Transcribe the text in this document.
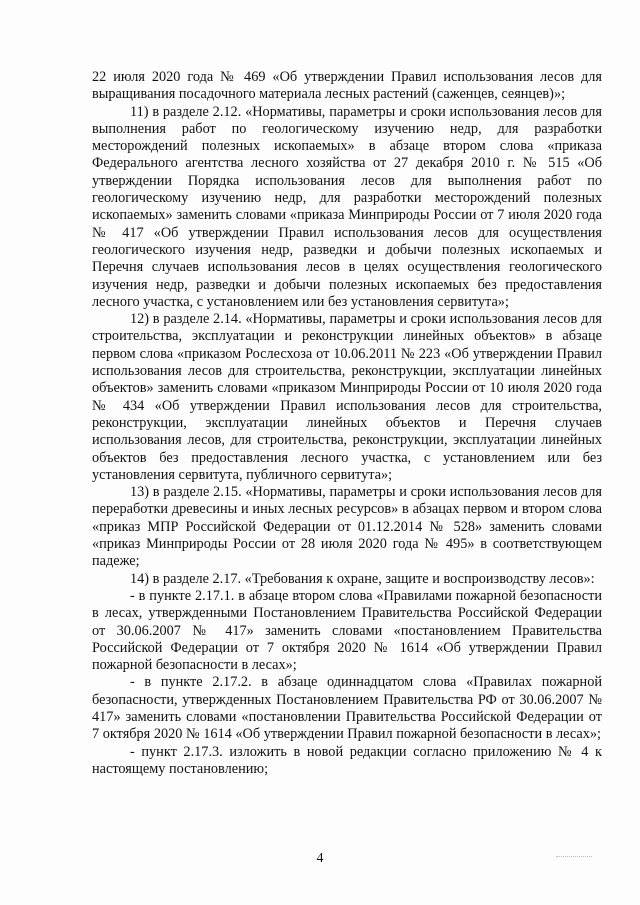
22 июля 2020 года № 469 «Об утверждении Правил использования лесов для выращивания посадочного материала лесных растений (саженцев, сеянцев)»;

11) в разделе 2.12. «Нормативы, параметры и сроки использования лесов для выполнения работ по геологическому изучению недр, для разработки месторождений полезных ископаемых» в абзаце втором слова «приказа Федерального агентства лесного хозяйства от 27 декабря 2010 г. № 515 «Об утверждении Порядка использования лесов для выполнения работ по геологическому изучению недр, для разработки месторождений полезных ископаемых» заменить словами «приказа Минприроды России от 7 июля 2020 года № 417 «Об утверждении Правил использования лесов для осуществления геологического изучения недр, разведки и добычи полезных ископаемых и Перечня случаев использования лесов в целях осуществления геологического изучения недр, разведки и добычи полезных ископаемых без предоставления лесного участка, с установлением или без установления сервитута»;

12) в разделе 2.14. «Нормативы, параметры и сроки использования лесов для строительства, эксплуатации и реконструкции линейных объектов» в абзаце первом слова «приказом Рослесхоза от 10.06.2011 № 223 «Об утверждении Правил использования лесов для строительства, реконструкции, эксплуатации линейных объектов» заменить словами «приказом Минприроды России от 10 июля 2020 года № 434 «Об утверждении Правил использования лесов для строительства, реконструкции, эксплуатации линейных объектов и Перечня случаев использования лесов, для строительства, реконструкции, эксплуатации линейных объектов без предоставления лесного участка, с установлением или без установления сервитута, публичного сервитута»;

13) в разделе 2.15. «Нормативы, параметры и сроки использования лесов для переработки древесины и иных лесных ресурсов» в абзацах первом и втором слова «приказ МПР Российской Федерации от 01.12.2014 № 528» заменить словами «приказ Минприроды России от 28 июля 2020 года № 495» в соответствующем падеже;

14) в разделе 2.17. «Требования к охране, защите и воспроизводству лесов»:

- в пункте 2.17.1. в абзаце втором слова «Правилами пожарной безопасности в лесах, утвержденными Постановлением Правительства Российской Федерации от 30.06.2007 № 417» заменить словами «постановлением Правительства Российской Федерации от 7 октября 2020 № 1614 «Об утверждении Правил пожарной безопасности в лесах»;

- в пункте 2.17.2. в абзаце одиннадцатом слова «Правилах пожарной безопасности, утвержденных Постановлением Правительства РФ от 30.06.2007 № 417» заменить словами «постановлении Правительства Российской Федерации от 7 октября 2020 № 1614 «Об утверждении Правил пожарной безопасности в лесах»;

- пункт 2.17.3. изложить в новой редакции согласно приложению № 4 к настоящему постановлению;

4
